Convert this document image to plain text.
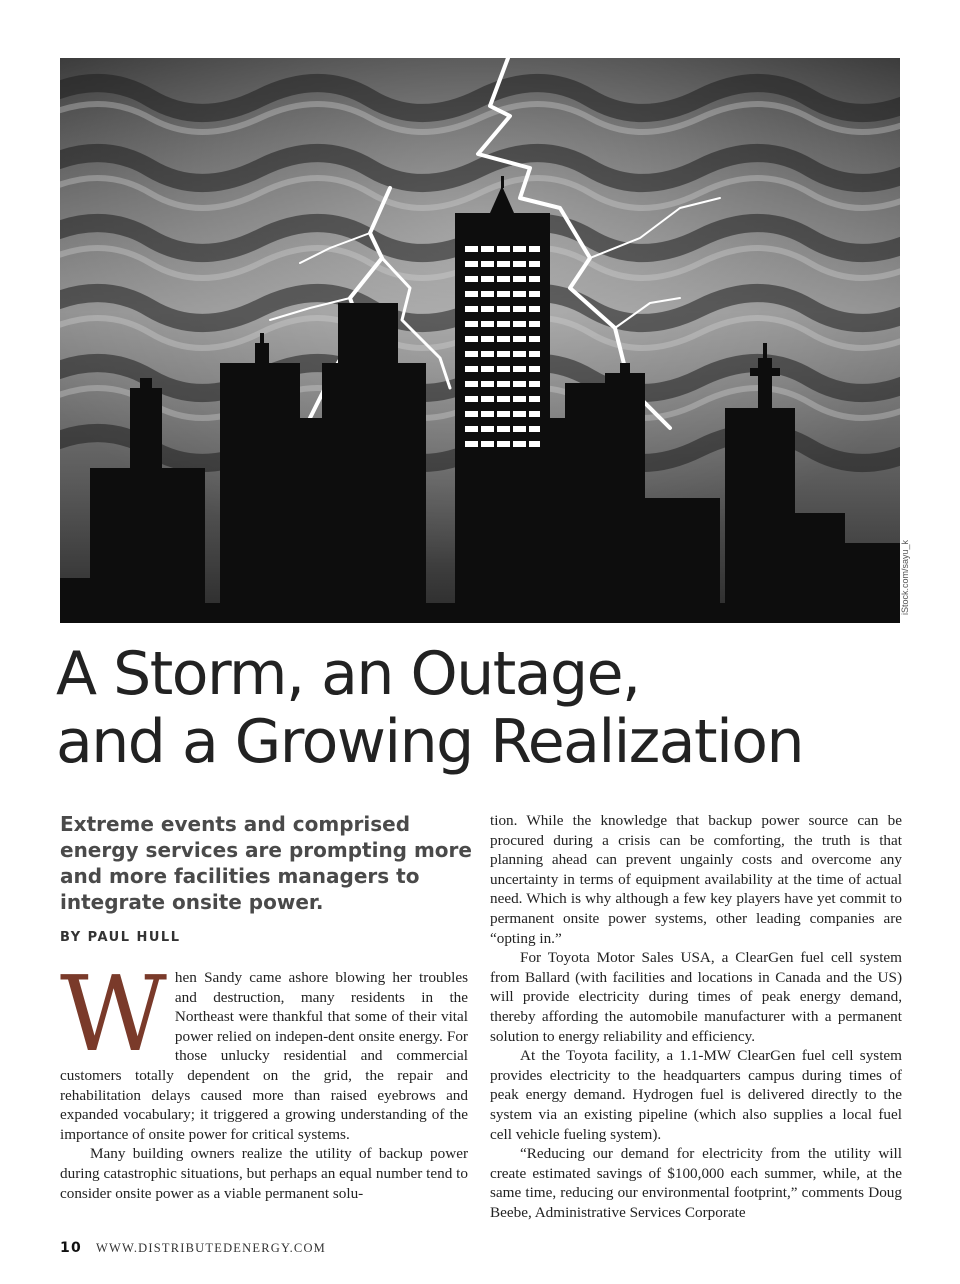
iStock.com/sayu_k
A Storm, an Outage,
and a Growing Realization

Extreme events and comprised energy services are prompting more and more facilities managers to integrate onsite power.

BY PAUL HULL

When Sandy came ashore blowing her troubles and destruction, many residents in the Northeast were thankful that some of their vital power relied on indepen-dent onsite energy. For those unlucky residential and commercial customers totally dependent on the grid, the repair and rehabilitation delays caused more than raised eyebrows and expanded vocabulary; it triggered a growing understanding of the importance of onsite power for critical systems.

Many building owners realize the utility of backup power during catastrophic situations, but perhaps an equal number tend to consider onsite power as a viable permanent solu-

tion. While the knowledge that backup power source can be procured during a crisis can be comforting, the truth is that planning ahead can prevent ungainly costs and overcome any uncertainty in terms of equipment availability at the time of actual need. Which is why although a few key players have yet commit to permanent onsite power systems, other leading companies are “opting in.”

For Toyota Motor Sales USA, a ClearGen fuel cell system from Ballard (with facilities and locations in Canada and the US) will provide electricity during times of peak energy demand, thereby affording the automobile manufacturer with a permanent solution to energy reliability and efficiency.

At the Toyota facility, a 1.1-MW ClearGen fuel cell system provides electricity to the headquarters campus during times of peak energy demand. Hydrogen fuel is delivered directly to the system via an existing pipeline (which also supplies a local fuel cell vehicle fueling system).

“Reducing our demand for electricity from the utility will create estimated savings of $100,000 each summer, while, at the same time, reducing our environmental footprint,” comments Doug Beebe, Administrative Services Corporate

10 WWW.DISTRIBUTEDENERGY.COM
